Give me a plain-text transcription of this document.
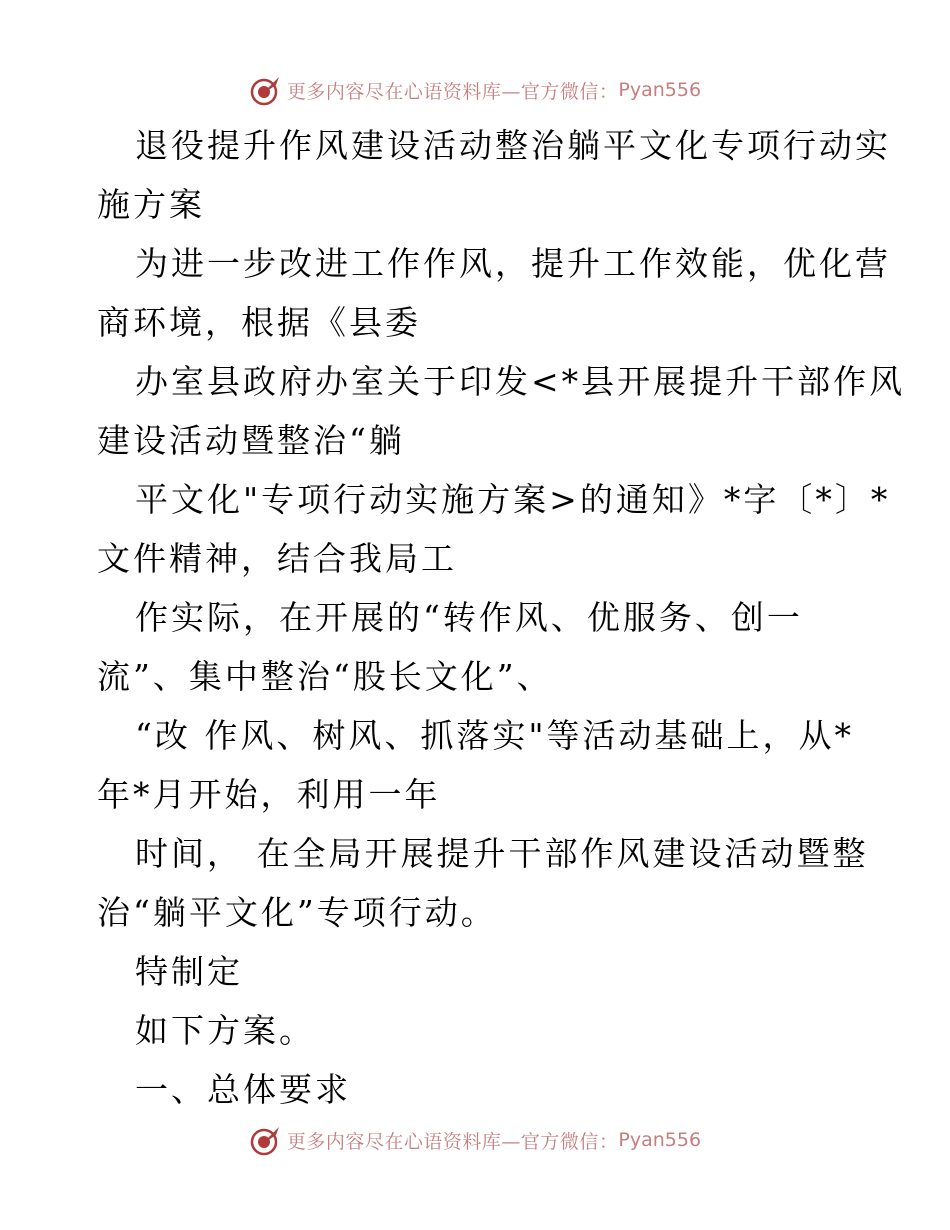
更多内容尽在心语资料库—官方微信： Pyan556
退役提升作风建设活动整治躺平文化专项行动实
施方案
为进一步改进工作作风，提升工作效能，优化营
商环境，根据《县委
办室县政府办室关于印发<*县开展提升干部作风
建设活动暨整治“躺
平文化"专项行动实施方案>的通知》*字〔*〕*
文件精神，结合我局工
作实际，在开展的“转作风、优服务、创一
流”、集中整治“股长文化”、
“改 作风、树风、抓落实"等活动基础上，从*
年*月开始，利用一年
时间， 在全局开展提升干部作风建设活动暨整
治“躺平文化”专项行动。
特制定
如下方案。
一、总体要求
更多内容尽在心语资料库—官方微信： Pyan556
